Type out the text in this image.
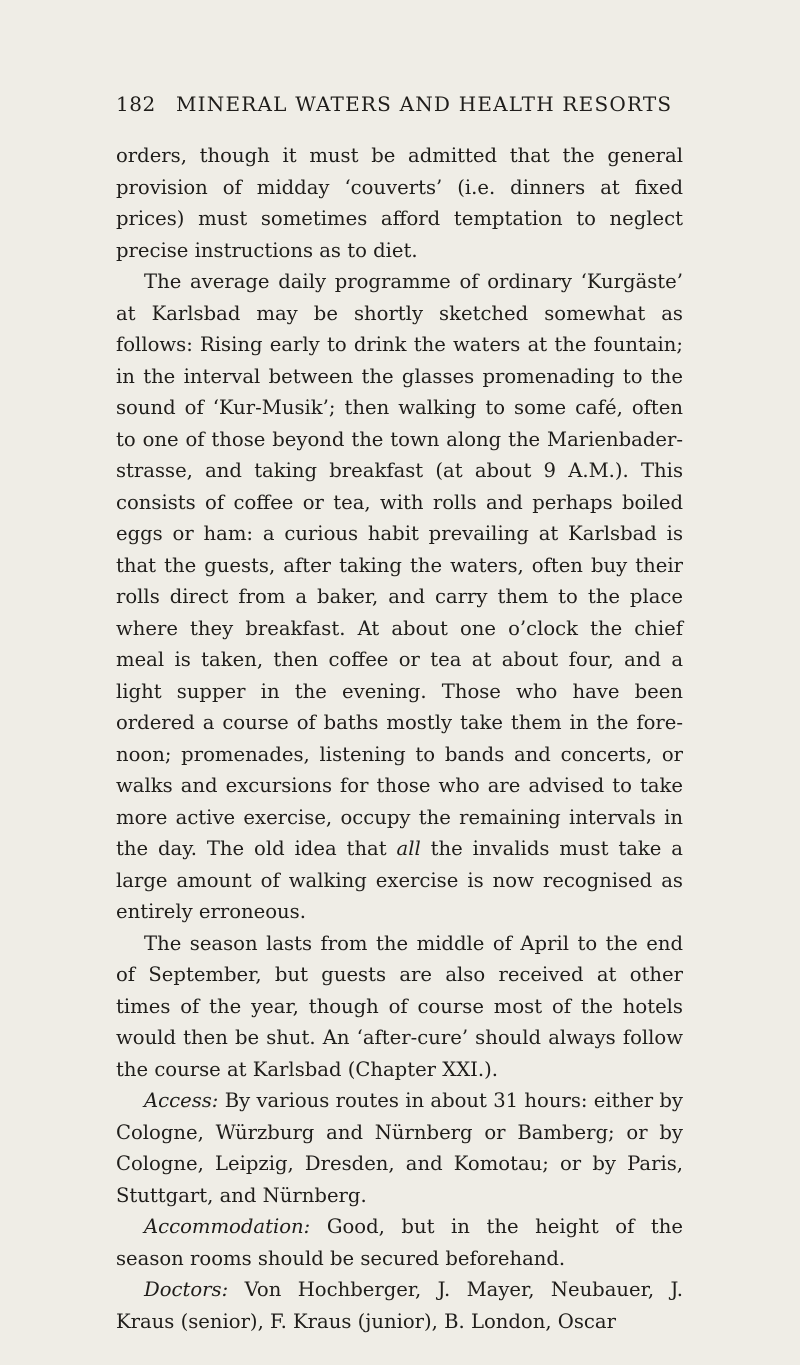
182 MINERAL WATERS AND HEALTH RESORTS

orders, though it must be admitted that the general provision of midday ‘couverts’ (i.e. dinners at fixed prices) must sometimes afford temptation to neglect precise instructions as to diet.

The average daily programme of ordinary ‘Kurgäste’ at Karlsbad may be shortly sketched somewhat as follows: Rising early to drink the waters at the fountain; in the interval between the glasses promenading to the sound of ‘Kur-Musik’; then walking to some café, often to one of those beyond the town along the Marienbader-strasse, and taking breakfast (at about 9 A.M.). This consists of coffee or tea, with rolls and perhaps boiled eggs or ham: a curious habit prevailing at Karlsbad is that the guests, after taking the waters, often buy their rolls direct from a baker, and carry them to the place where they breakfast. At about one o’clock the chief meal is taken, then coffee or tea at about four, and a light supper in the evening. Those who have been ordered a course of baths mostly take them in the fore-noon; promenades, listening to bands and concerts, or walks and excursions for those who are advised to take more active exercise, occupy the remaining intervals in the day. The old idea that all the invalids must take a large amount of walking exercise is now recognised as entirely erroneous.

The season lasts from the middle of April to the end of September, but guests are also received at other times of the year, though of course most of the hotels would then be shut. An ‘after-cure’ should always follow the course at Karlsbad (Chapter XXI.).

Access: By various routes in about 31 hours: either by Cologne, Würzburg and Nürnberg or Bamberg; or by Cologne, Leipzig, Dresden, and Komotau; or by Paris, Stuttgart, and Nürnberg.

Accommodation: Good, but in the height of the season rooms should be secured beforehand.

Doctors: Von Hochberger, J. Mayer, Neubauer, J. Kraus (senior), F. Kraus (junior), B. London, Oscar
